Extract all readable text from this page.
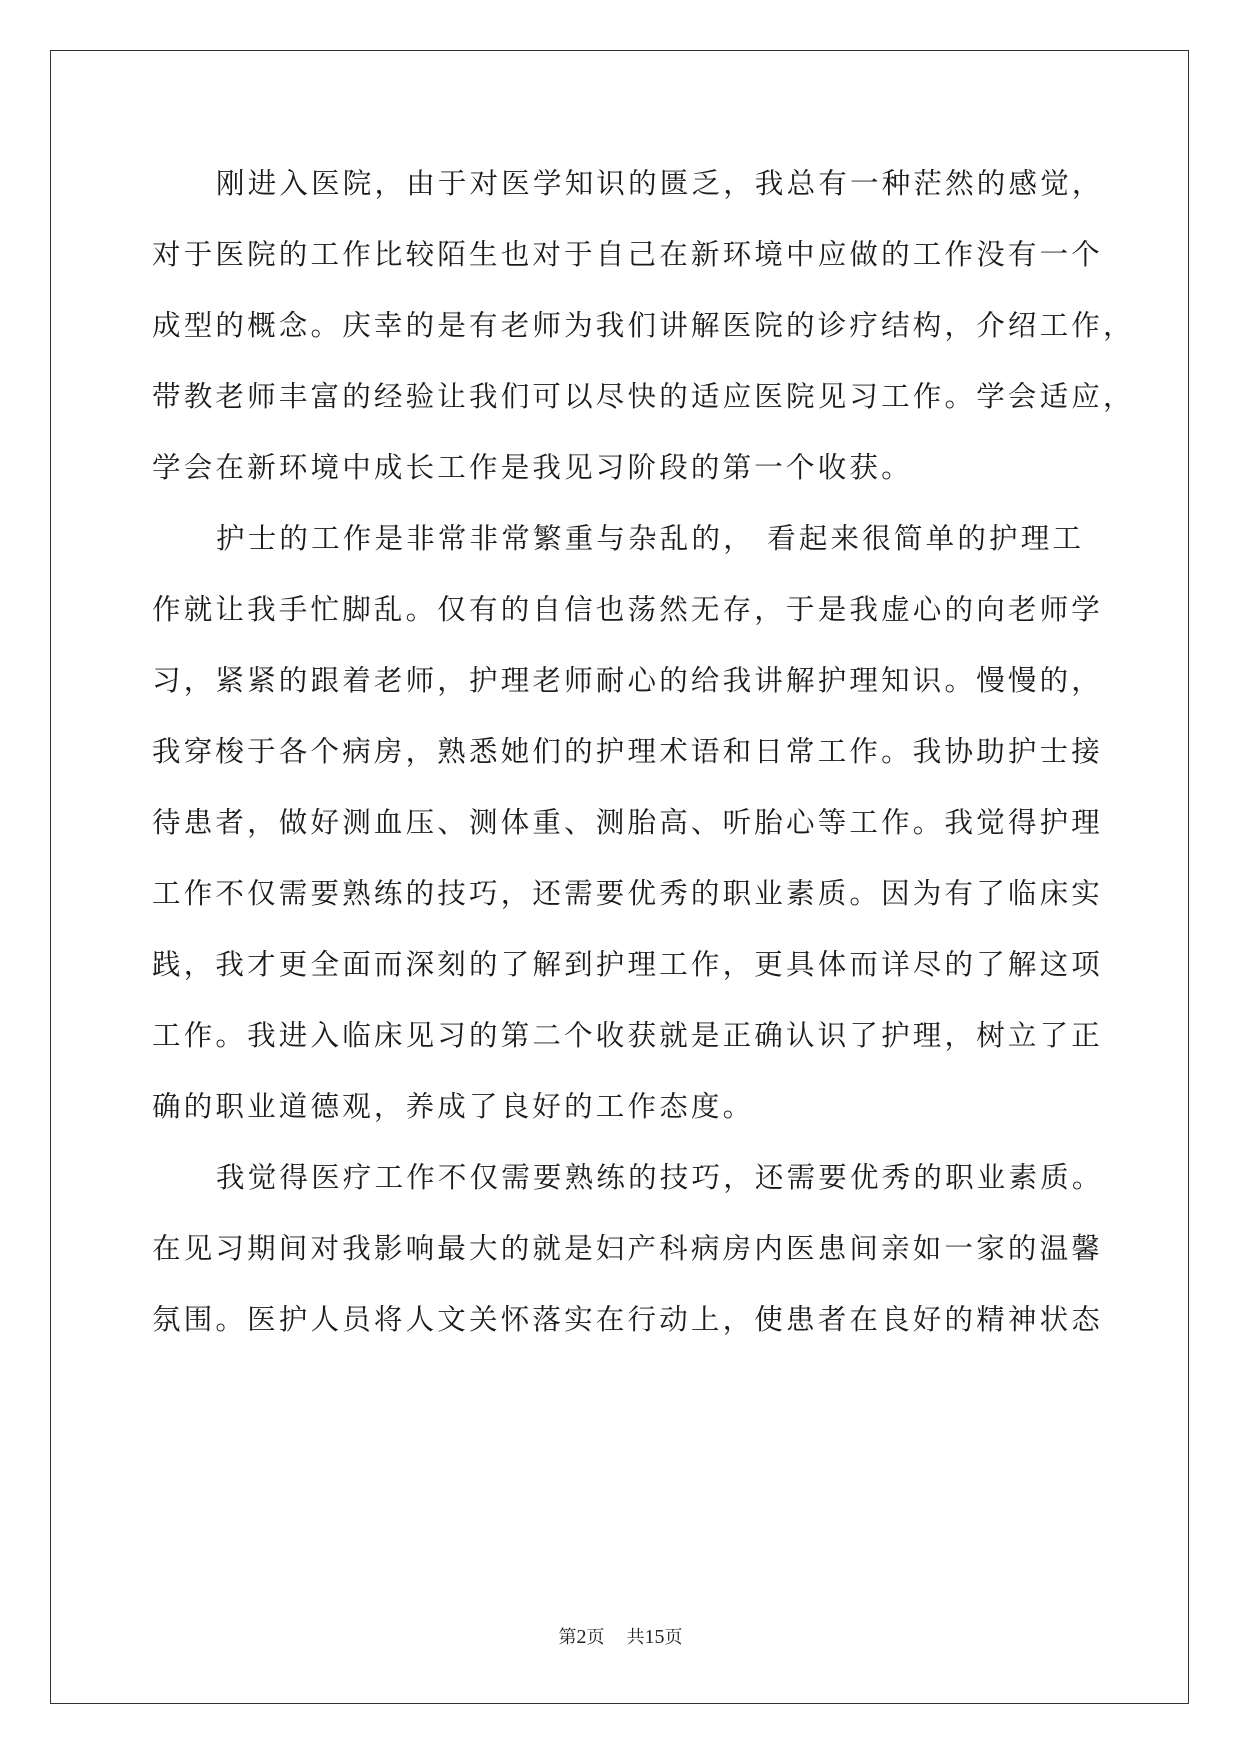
刚进入医院，由于对医学知识的匮乏，我总有一种茫然的感觉，
对于医院的工作比较陌生也对于自己在新环境中应做的工作没有一个
成型的概念。庆幸的是有老师为我们讲解医院的诊疗结构，介绍工作，
带教老师丰富的经验让我们可以尽快的适应医院见习工作。学会适应，
学会在新环境中成长工作是我见习阶段的第一个收获。
护士的工作是非常非常繁重与杂乱的， 看起来很简单的护理工
作就让我手忙脚乱。仅有的自信也荡然无存，于是我虚心的向老师学
习，紧紧的跟着老师，护理老师耐心的给我讲解护理知识。慢慢的，
我穿梭于各个病房，熟悉她们的护理术语和日常工作。我协助护士接
待患者，做好测血压、测体重、测胎高、听胎心等工作。我觉得护理
工作不仅需要熟练的技巧，还需要优秀的职业素质。因为有了临床实
践，我才更全面而深刻的了解到护理工作，更具体而详尽的了解这项
工作。我进入临床见习的第二个收获就是正确认识了护理，树立了正
确的职业道德观，养成了良好的工作态度。
我觉得医疗工作不仅需要熟练的技巧，还需要优秀的职业素质。
在见习期间对我影响最大的就是妇产科病房内医患间亲如一家的温馨
氛围。医护人员将人文关怀落实在行动上，使患者在良好的精神状态
第2页 共15页
